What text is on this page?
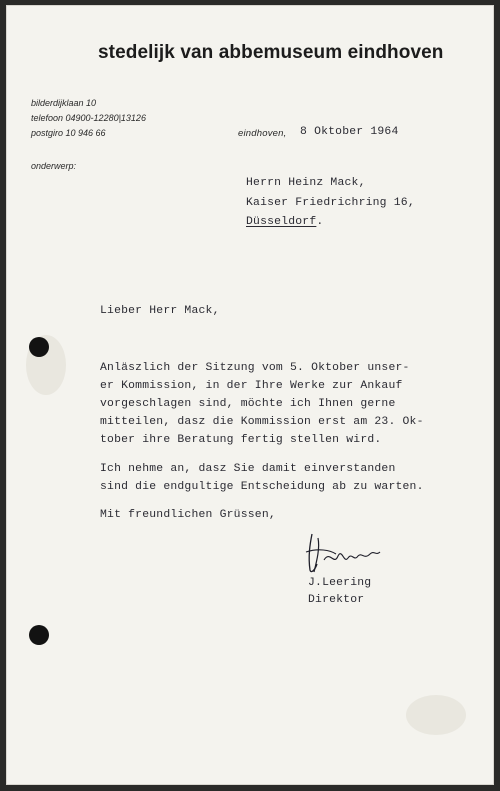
stedelijk van abbemuseum eindhoven
bilderdijklaan 10
telefoon 04900-12280|13126
postgiro 10 946 66
onderwerp:
eindhoven, 8 Oktober 1964
Herrn Heinz Mack,
Kaiser Friedrichring 16,
Düsseldorf.
Lieber Herr Mack,
Anläszlich der Sitzung vom 5. Oktober unser-
er Kommission, in der Ihre Werke zur Ankauf
vorgeschlagen sind, möchte ich Ihnen gerne
mitteilen, dasz die Kommission erst am 23. Ok-
tober ihre Beratung fertig stellen wird.
Ich nehme an, dasz Sie damit einverstanden
sind die endgultige Entscheidung ab zu warten.
Mit freundlichen Grüssen,
J.Leering
Direktor
